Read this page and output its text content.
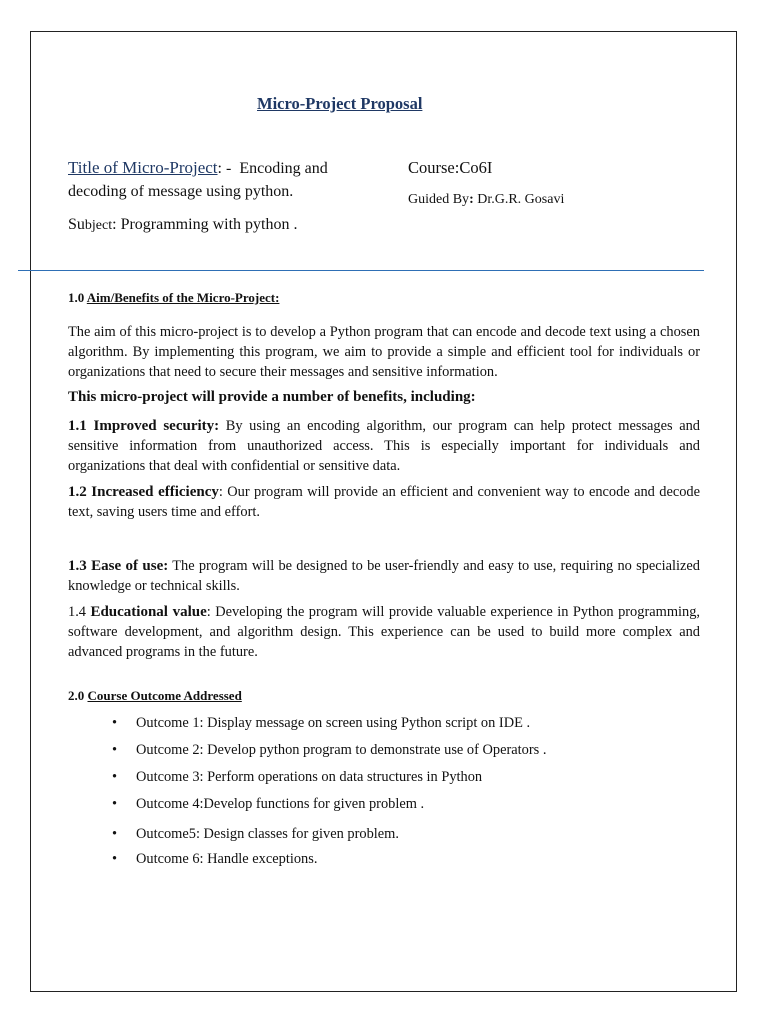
Micro-Project Proposal
Title of Micro-Project: - Encoding and decoding of message using python.
Subject: Programming with python .
Course:Co6I
Guided By: Dr.G.R. Gosavi
1.0 Aim/Benefits of the Micro-Project:
The aim of this micro-project is to develop a Python program that can encode and decode text using a chosen algorithm. By implementing this program, we aim to provide a simple and efficient tool for individuals or organizations that need to secure their messages and sensitive information.
This micro-project will provide a number of benefits, including:
1.1 Improved security: By using an encoding algorithm, our program can help protect messages and sensitive information from unauthorized access. This is especially important for individuals and organizations that deal with confidential or sensitive data.
1.2 Increased efficiency: Our program will provide an efficient and convenient way to encode and decode text, saving users time and effort.
1.3 Ease of use: The program will be designed to be user-friendly and easy to use, requiring no specialized knowledge or technical skills.
1.4 Educational value: Developing the program will provide valuable experience in Python programming, software development, and algorithm design. This experience can be used to build more complex and advanced programs in the future.
2.0 Course Outcome Addressed
• Outcome 1: Display message on screen using Python script on IDE .
• Outcome 2: Develop python program to demonstrate use of Operators .
• Outcome 3: Perform operations on data structures in Python
• Outcome 4:Develop functions for given problem .
• Outcome5: Design classes for given problem.
• Outcome 6: Handle exceptions.
